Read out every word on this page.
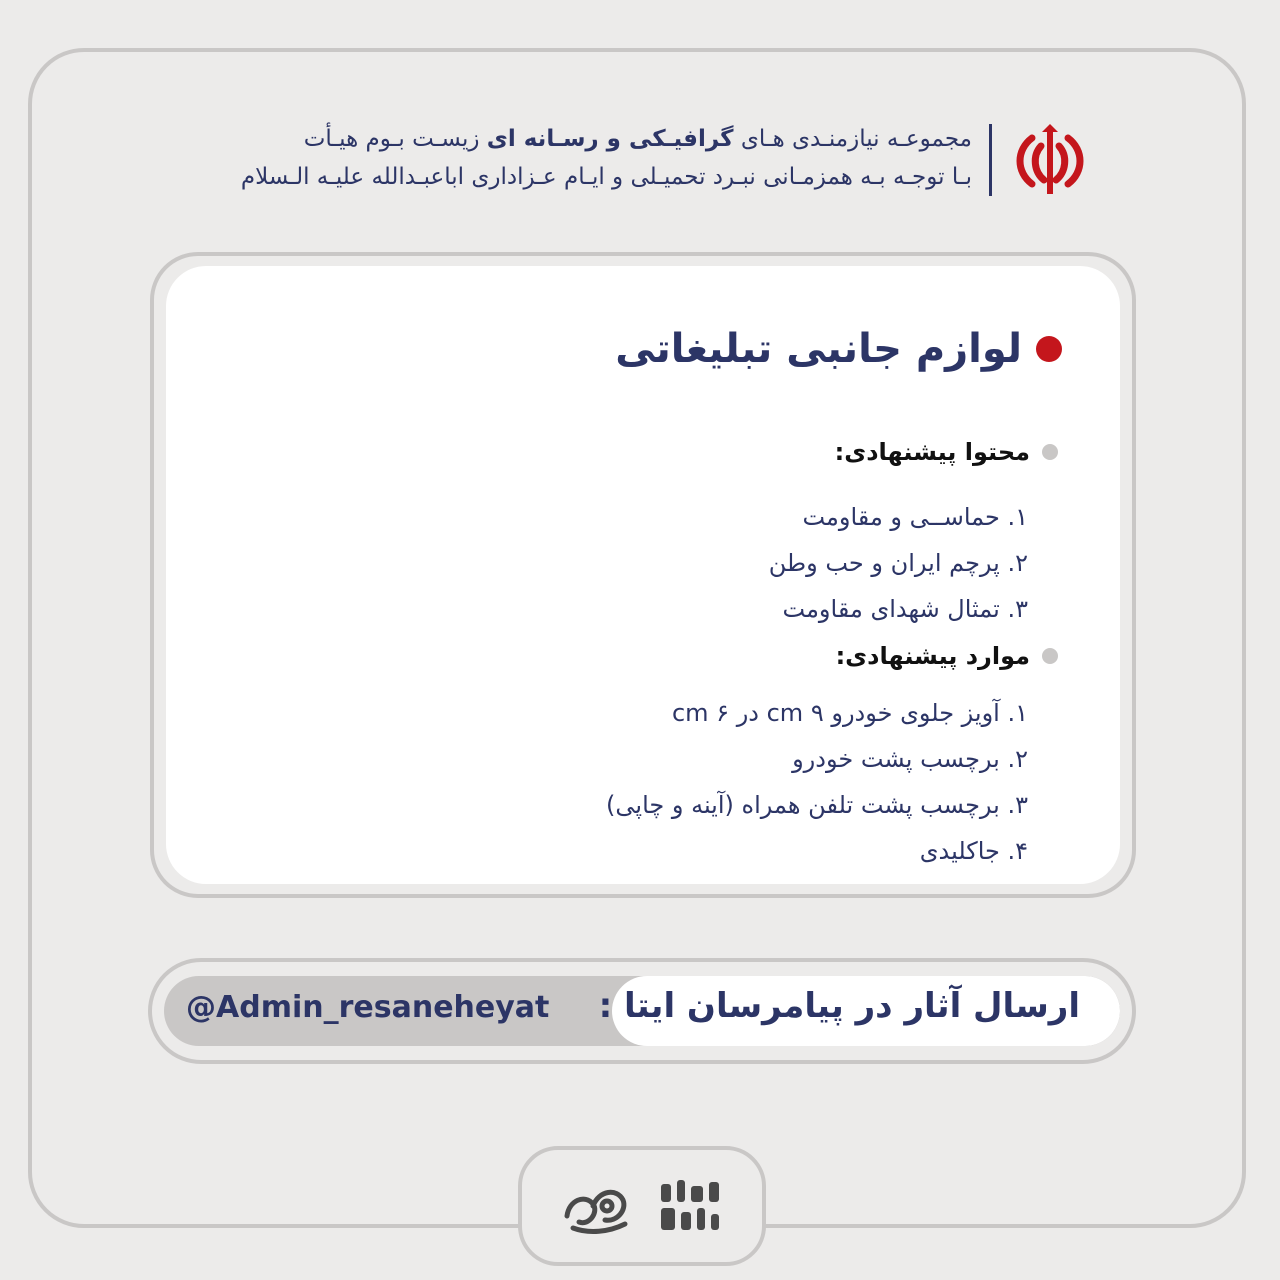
مجموعـه نیازمنـدی هـای گرافیـکی و رسـانه ای زیسـت بـوم هیـأت
بـا توجـه بـه همزمـانی نبـرد تحمیـلی و ایـام عـزاداری اباعبـدالله علیـه الـسلام
لوازم جانبی تبلیغاتی
محتوا پیشنهادی:
۱. حماســی و مقاومت
۲. پرچم ایران و حب وطن
۳. تمثال شهدای مقاومت
موارد پیشنهادی:
۱. آویز جلوی خودرو ۹ cm در ۶ cm
۲. برچسب پشت خودرو
۳. برچسب پشت تلفن همراه (آینه و چاپی)
۴. جاکلیدی
ارسال آثار در پیامرسان ایتا :
@Admin_resaneheyat
